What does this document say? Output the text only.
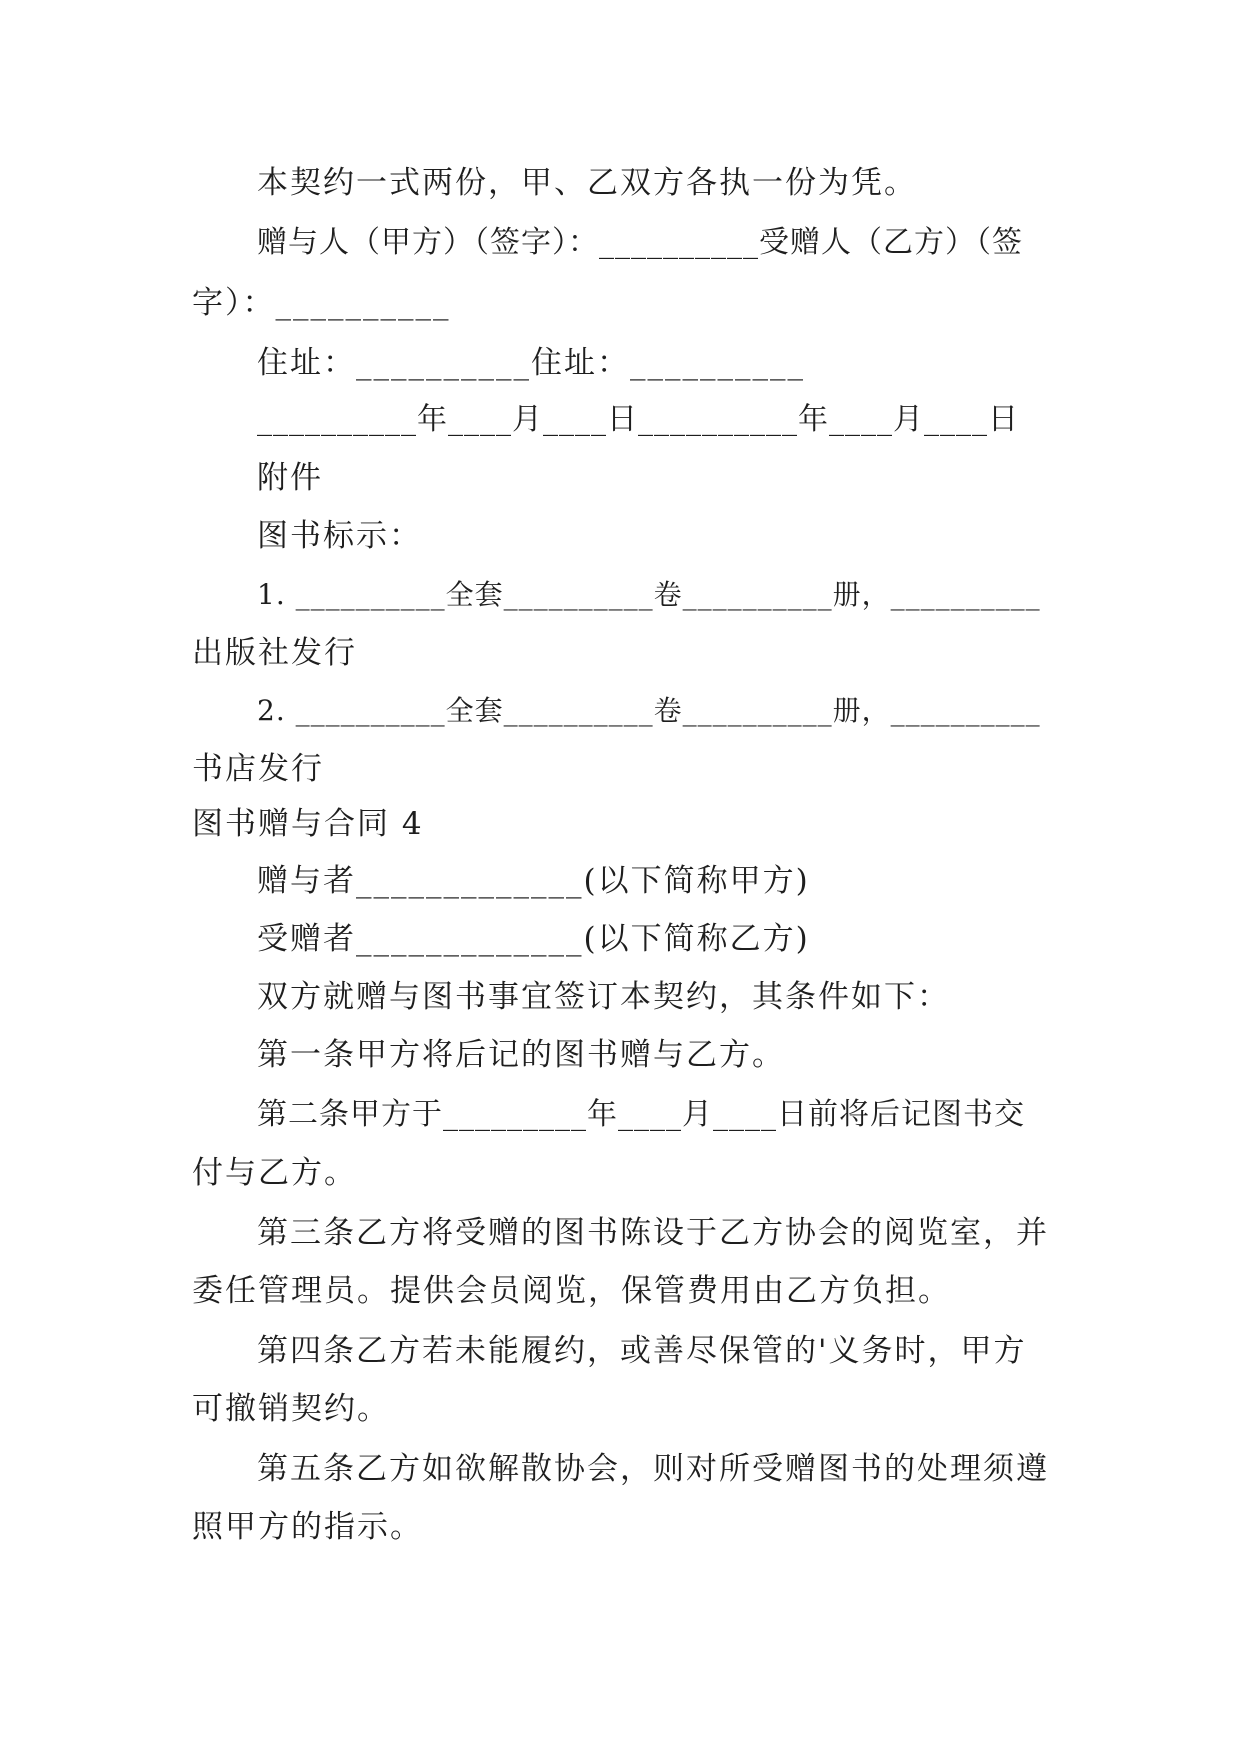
本契约一式两份，甲、乙双方各执一份为凭。

赠与人（甲方）（签字）：__________受赠人（乙方）（签

字）：__________

住址：__________住址：__________

__________年____月____日__________年____月____日

附件

图书标示：

1. __________全套__________卷__________册，__________

出版社发行

2. __________全套__________卷__________册，__________

书店发行

图书赠与合同 4

赠与者_____________(以下简称甲方)

受赠者_____________(以下简称乙方)

双方就赠与图书事宜签订本契约，其条件如下：

第一条甲方将后记的图书赠与乙方。

第二条甲方于_________年____月____日前将后记图书交

付与乙方。

第三条乙方将受赠的图书陈设于乙方协会的阅览室，并

委任管理员。提供会员阅览，保管费用由乙方负担。

第四条乙方若未能履约，或善尽保管的'义务时，甲方

可撤销契约。

第五条乙方如欲解散协会，则对所受赠图书的处理须遵

照甲方的指示。
